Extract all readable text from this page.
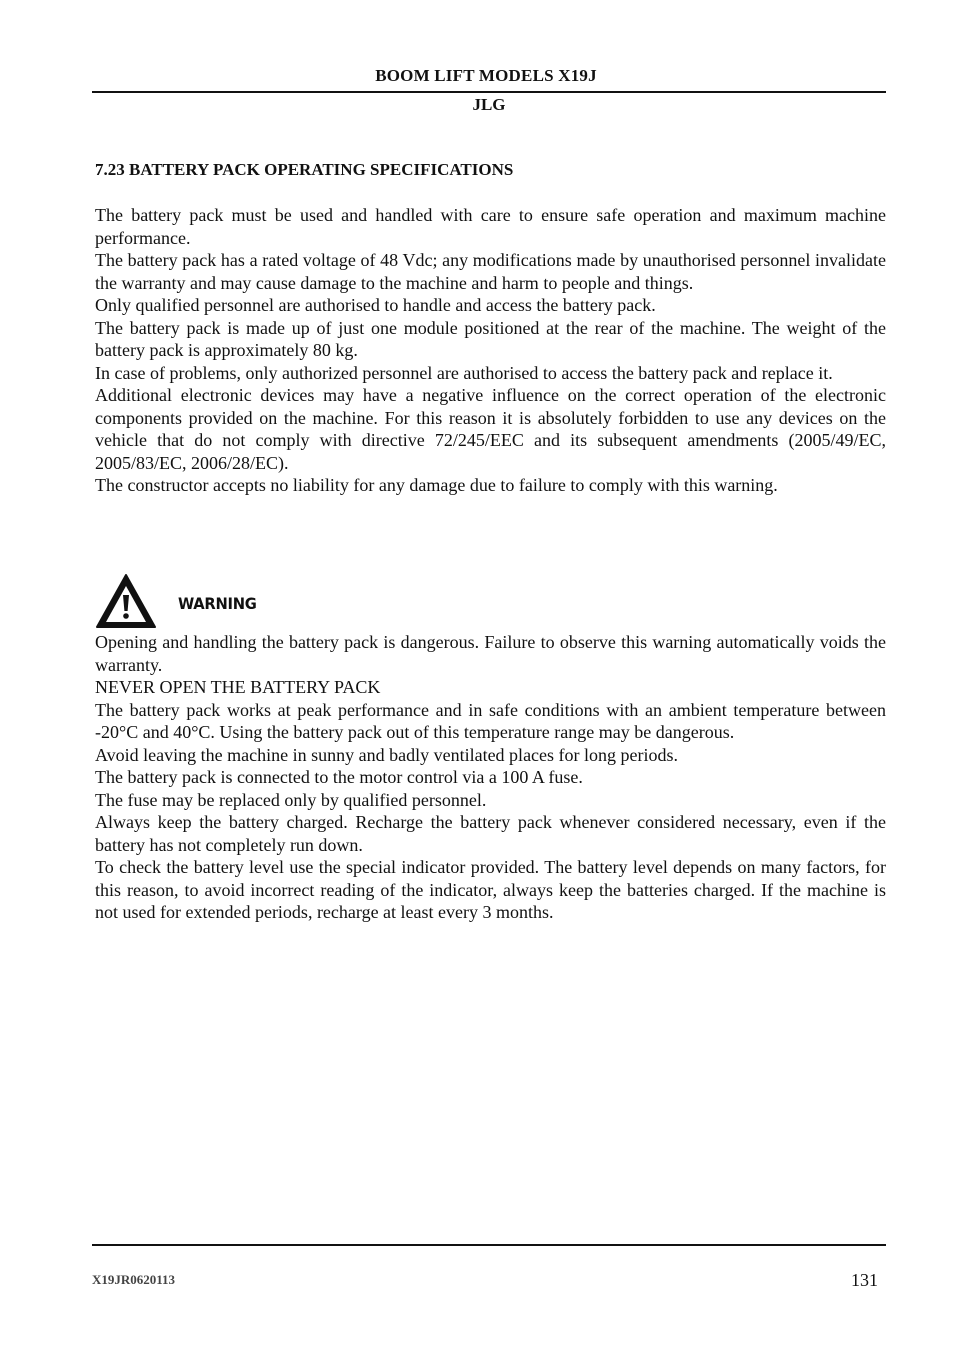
BOOM LIFT MODELS X19J
JLG
7.23 BATTERY PACK OPERATING SPECIFICATIONS

The battery pack must be used and handled with care to ensure safe operation and maximum machine performance.

The battery pack has a rated voltage of 48 Vdc; any modifications made by unauthorised personnel invalidate the warranty and may cause damage to the machine and harm to people and things.

Only qualified personnel are authorised to handle and access the battery pack.

The battery pack is made up of just one module positioned at the rear of the machine. The weight of the battery pack is approximately 80 kg.

In case of problems, only authorized personnel are authorised to access the battery pack and replace it.

Additional electronic devices may have a negative influence on the correct operation of the electronic components provided on the machine. For this reason it is absolutely forbidden to use any devices on the vehicle that do not comply with directive 72/245/EEC and its subsequent amendments (2005/49/EC, 2005/83/EC, 2006/28/EC).

The constructor accepts no liability for any damage due to failure to comply with this warning.

WARNING

Opening and handling the battery pack is dangerous. Failure to observe this warning automatically voids the warranty.

NEVER OPEN THE BATTERY PACK

The battery pack works at peak performance and in safe conditions with an ambient temperature between -20°C and 40°C. Using the battery pack out of this temperature range may be dangerous.

Avoid leaving the machine in sunny and badly ventilated places for long periods.

The battery pack is connected to the motor control via a 100 A fuse.

The fuse may be replaced only by qualified personnel.

Always keep the battery charged. Recharge the battery pack whenever considered necessary, even if the battery has not completely run down.

To check the battery level use the special indicator provided. The battery level depends on many factors, for this reason, to avoid incorrect reading of the indicator, always keep the batteries charged. If the machine is not used for extended periods, recharge at least every 3 months.

X19JR0620113	131
